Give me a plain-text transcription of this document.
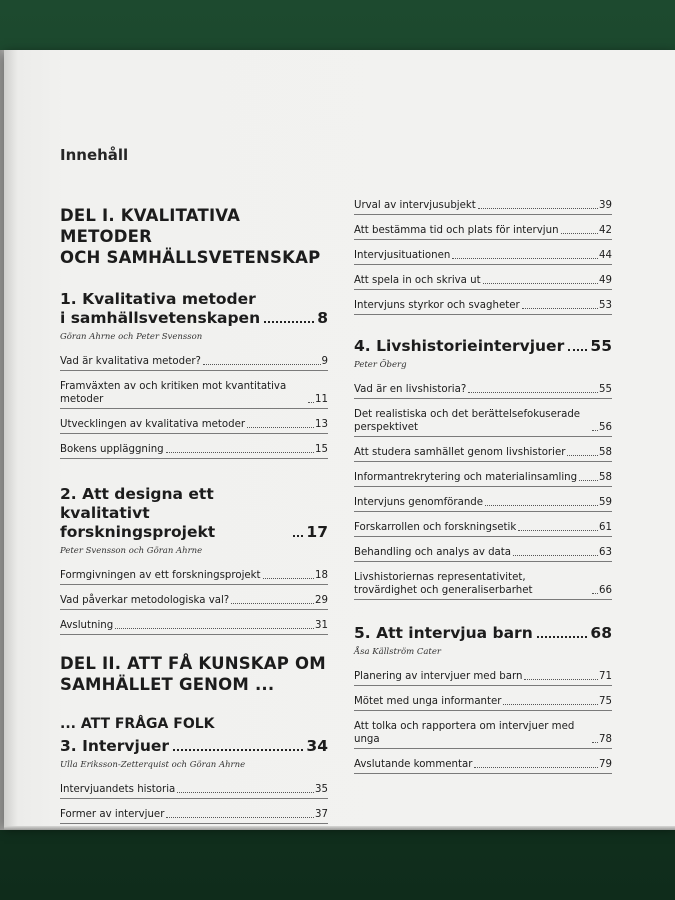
Innehåll
DEL I. KVALITATIVA METODER
OCH SAMHÄLLSVETENSKAP
1. Kvalitativa metoder
i samhällsvetenskapen	8
Göran Ahrne och Peter Svensson
Vad är kvalitativa metoder?	9
Framväxten av och kritiken mot kvantitativa metoder	11
Utvecklingen av kvalitativa metoder	13
Bokens uppläggning	15
2. Att designa ett kvalitativt
forskningsprojekt	17
Peter Svensson och Göran Ahrne
Formgivningen av ett forskningsprojekt	18
Vad påverkar metodologiska val?	29
Avslutning	31
DEL II. ATT FÅ KUNSKAP OM
SAMHÄLLET GENOM ...
... ATT FRÅGA FOLK
3. Intervjuer	34
Ulla Eriksson-Zetterquist och Göran Ahrne
Intervjuandets historia	35
Former av intervjuer	37
Urval av intervjusubjekt	39
Att bestämma tid och plats för intervjun	42
Intervjusituationen	44
Att spela in och skriva ut	49
Intervjuns styrkor och svagheter	53
4. Livshistorieintervjuer 55
Peter Öberg
Vad är en livshistoria?	55
Det realistiska och det berättelsefokuserade perspektivet	56
Att studera samhället genom livshistorier	58
Informantrekrytering och materialinsamling 58
Intervjuns genomförande	59
Forskarrollen och forskningsetik	61
Behandling och analys av data	63
Livshistoriernas representativitet, trovärdighet och generaliserbarhet	66
5. Att intervjua barn	68
Åsa Källström Cater
Planering av intervjuer med barn	71
Mötet med unga informanter	75
Att tolka och rapportera om intervjuer med unga	78
Avslutande kommentar	79
